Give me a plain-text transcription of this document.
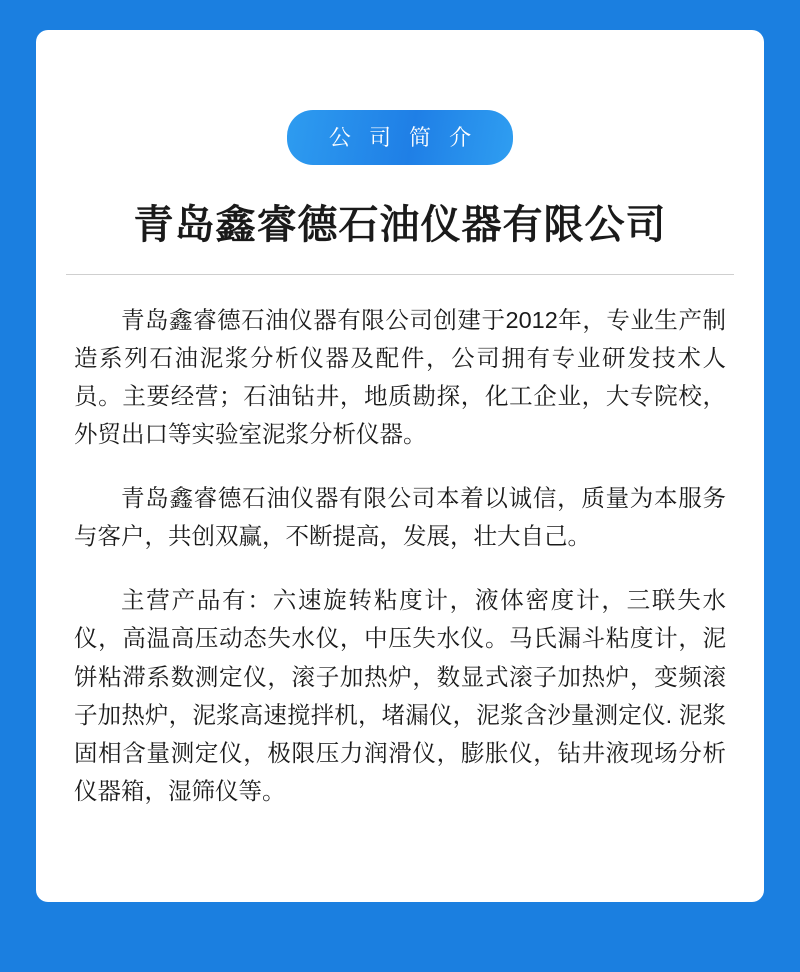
公 司 简 介
青岛鑫睿德石油仪器有限公司

青岛鑫睿德石油仪器有限公司创建于2012年，专业生产制造系列石油泥浆分析仪器及配件，公司拥有专业研发技术人员。主要经营；石油钻井，地质勘探，化工企业，大专院校，外贸出口等实验室泥浆分析仪器。

青岛鑫睿德石油仪器有限公司本着以诚信，质量为本服务与客户，共创双赢，不断提高，发展，壮大自己。

主营产品有：六速旋转粘度计，液体密度计，三联失水仪，高温高压动态失水仪，中压失水仪。马氏漏斗粘度计，泥饼粘滞系数测定仪，滚子加热炉，数显式滚子加热炉，变频滚子加热炉，泥浆高速搅拌机，堵漏仪，泥浆含沙量测定仪. 泥浆固相含量测定仪，极限压力润滑仪，膨胀仪，钻井液现场分析仪器箱，湿筛仪等。
